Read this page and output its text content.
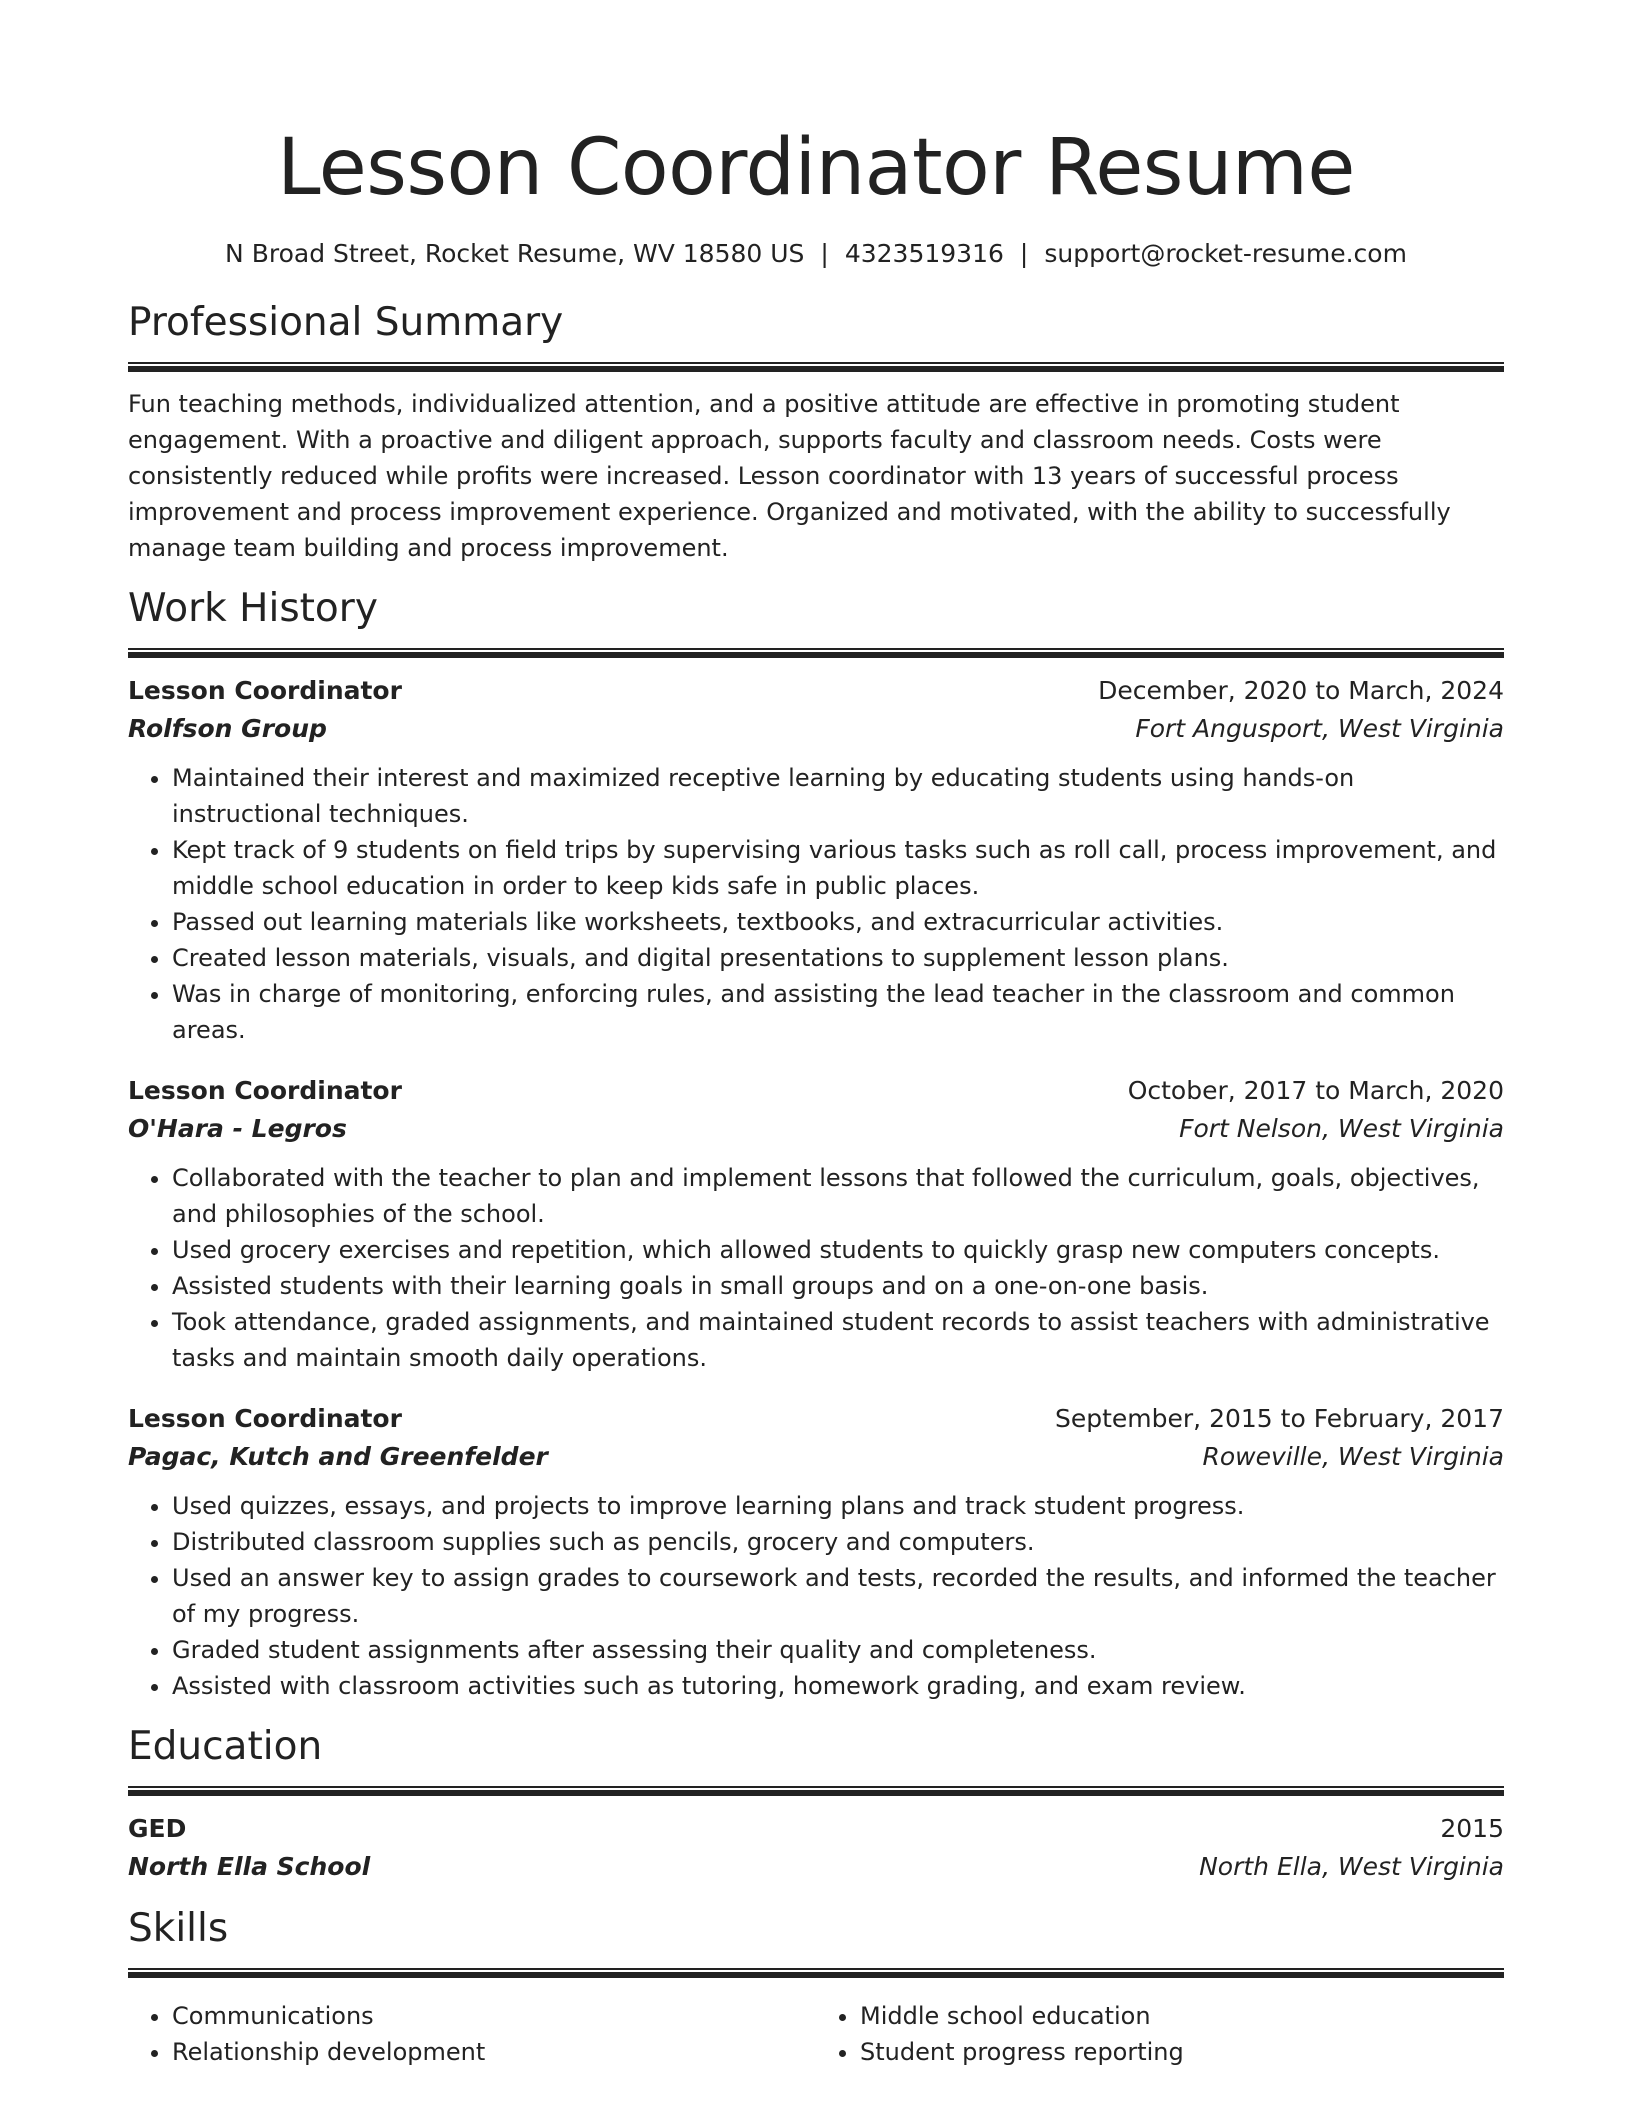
Lesson Coordinator Resume
N Broad Street, Rocket Resume, WV 18580 US | 4323519316 | support@rocket-resume.com
Professional Summary

Fun teaching methods, individualized attention, and a positive attitude are effective in promoting student engagement. With a proactive and diligent approach, supports faculty and classroom needs. Costs were consistently reduced while profits were increased. Lesson coordinator with 13 years of successful process improvement and process improvement experience. Organized and motivated, with the ability to successfully manage team building and process improvement.

Work History
Lesson Coordinator	December, 2020 to March, 2024
Rolfson Group	Fort Angusport, West Virginia
• Maintained their interest and maximized receptive learning by educating students using hands-on instructional techniques.
• Kept track of 9 students on field trips by supervising various tasks such as roll call, process improvement, and middle school education in order to keep kids safe in public places.
• Passed out learning materials like worksheets, textbooks, and extracurricular activities.
• Created lesson materials, visuals, and digital presentations to supplement lesson plans.
• Was in charge of monitoring, enforcing rules, and assisting the lead teacher in the classroom and common areas.
Lesson Coordinator	October, 2017 to March, 2020
O'Hara - Legros	Fort Nelson, West Virginia
• Collaborated with the teacher to plan and implement lessons that followed the curriculum, goals, objectives, and philosophies of the school.
• Used grocery exercises and repetition, which allowed students to quickly grasp new computers concepts.
• Assisted students with their learning goals in small groups and on a one-on-one basis.
• Took attendance, graded assignments, and maintained student records to assist teachers with administrative tasks and maintain smooth daily operations.
Lesson Coordinator	September, 2015 to February, 2017
Pagac, Kutch and Greenfelder	Roweville, West Virginia
• Used quizzes, essays, and projects to improve learning plans and track student progress.
• Distributed classroom supplies such as pencils, grocery and computers.
• Used an answer key to assign grades to coursework and tests, recorded the results, and informed the teacher of my progress.
• Graded student assignments after assessing their quality and completeness.
• Assisted with classroom activities such as tutoring, homework grading, and exam review.
Education
GED	2015
North Ella School	North Ella, West Virginia
Skills
• Communications
• Relationship development
• Middle school education
• Student progress reporting
